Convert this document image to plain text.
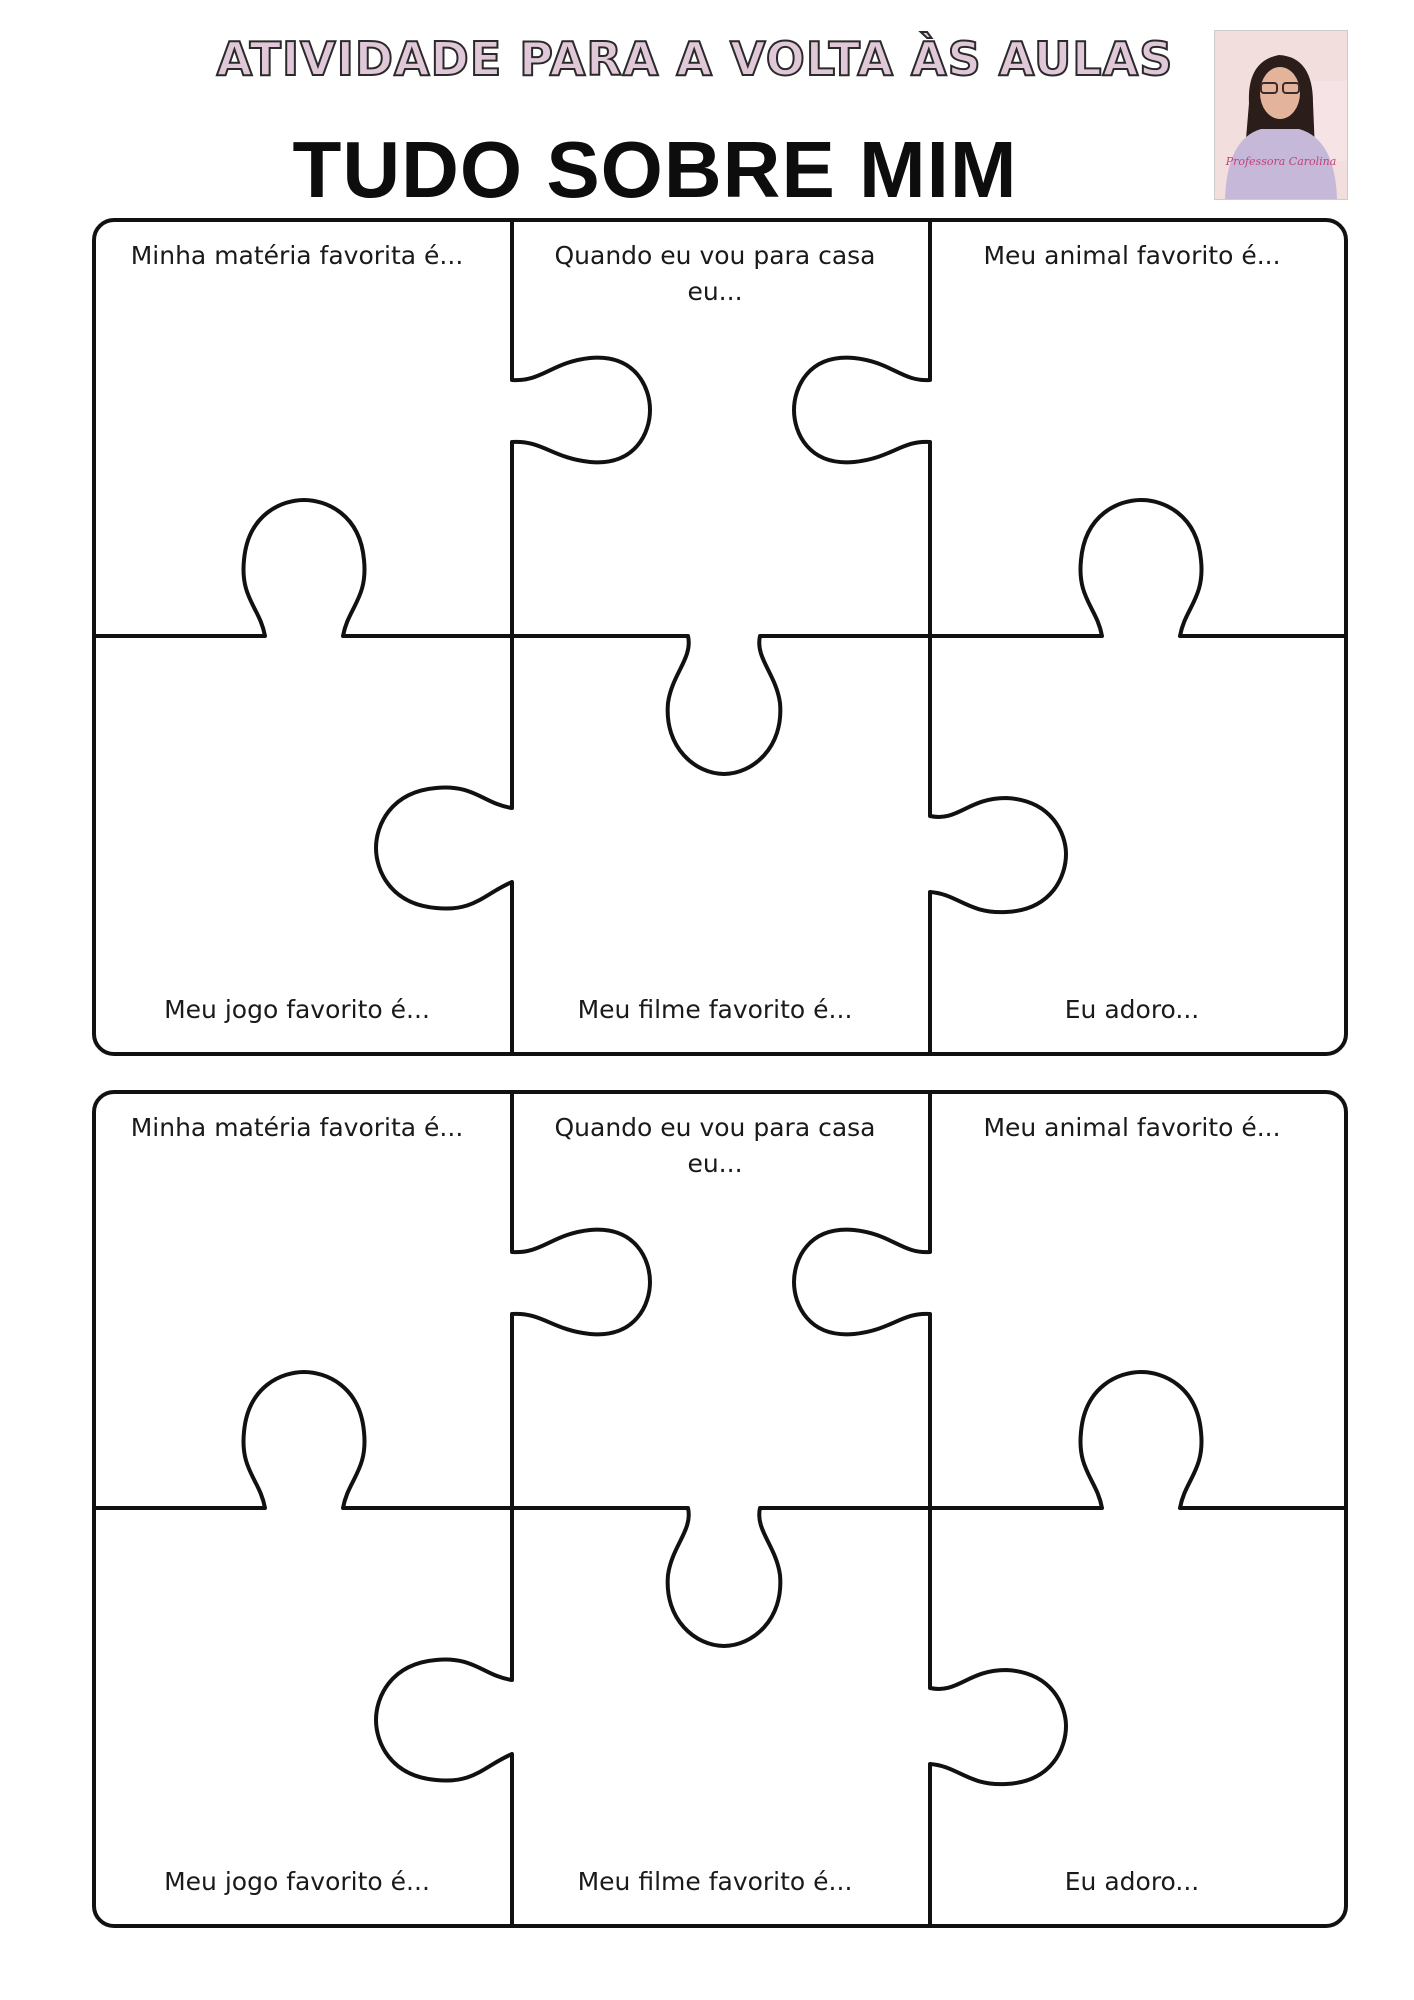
ATIVIDADE PARA A VOLTA ÀS AULAS
TUDO SOBRE MIM	Professora Carolina

Minha matéria favorita é...	Quando eu vou para casa eu...

Meu animal favorito é...

Meu jogo favorito é...	Meu filme favorito é...	Eu adoro...

Minha matéria favorita é...	Quando eu vou para casa eu...

Meu animal favorito é...

Meu jogo favorito é...	Meu filme favorito é...	Eu adoro...
